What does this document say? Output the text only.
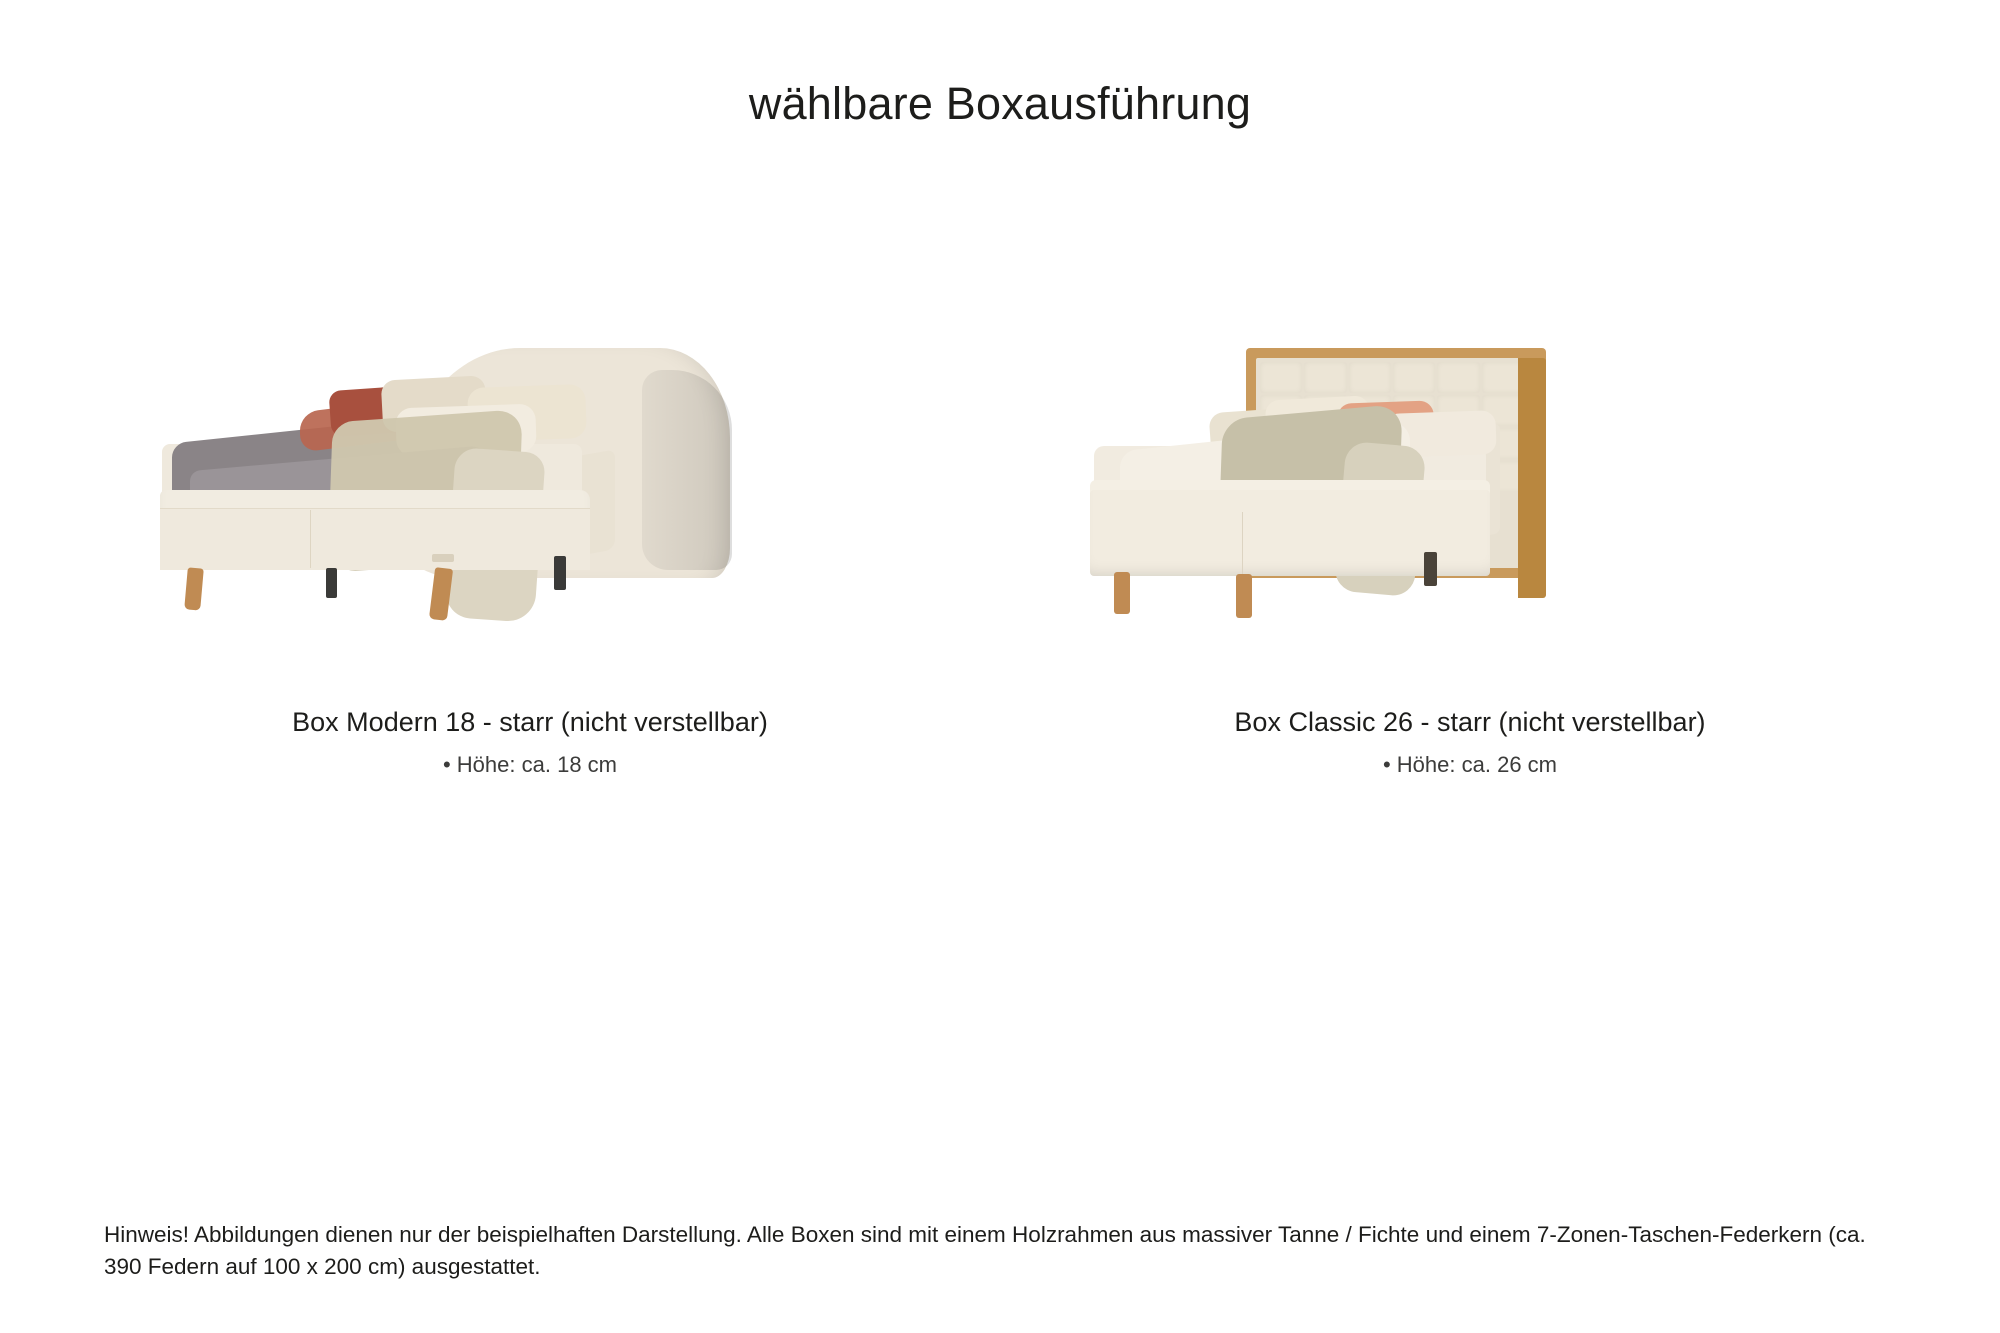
wählbare Boxausführung
Box Modern 18 - starr (nicht verstellbar)
• Höhe: ca. 18 cm
Box Classic 26 - starr (nicht verstellbar)
• Höhe: ca. 26 cm

Hinweis! Abbildungen dienen nur der beispielhaften Darstellung. Alle Boxen sind mit einem Holzrahmen aus massiver Tanne / Fichte und einem 7-Zonen-Taschen-Federkern (ca. 390 Federn auf 100 x 200 cm) ausgestattet.
